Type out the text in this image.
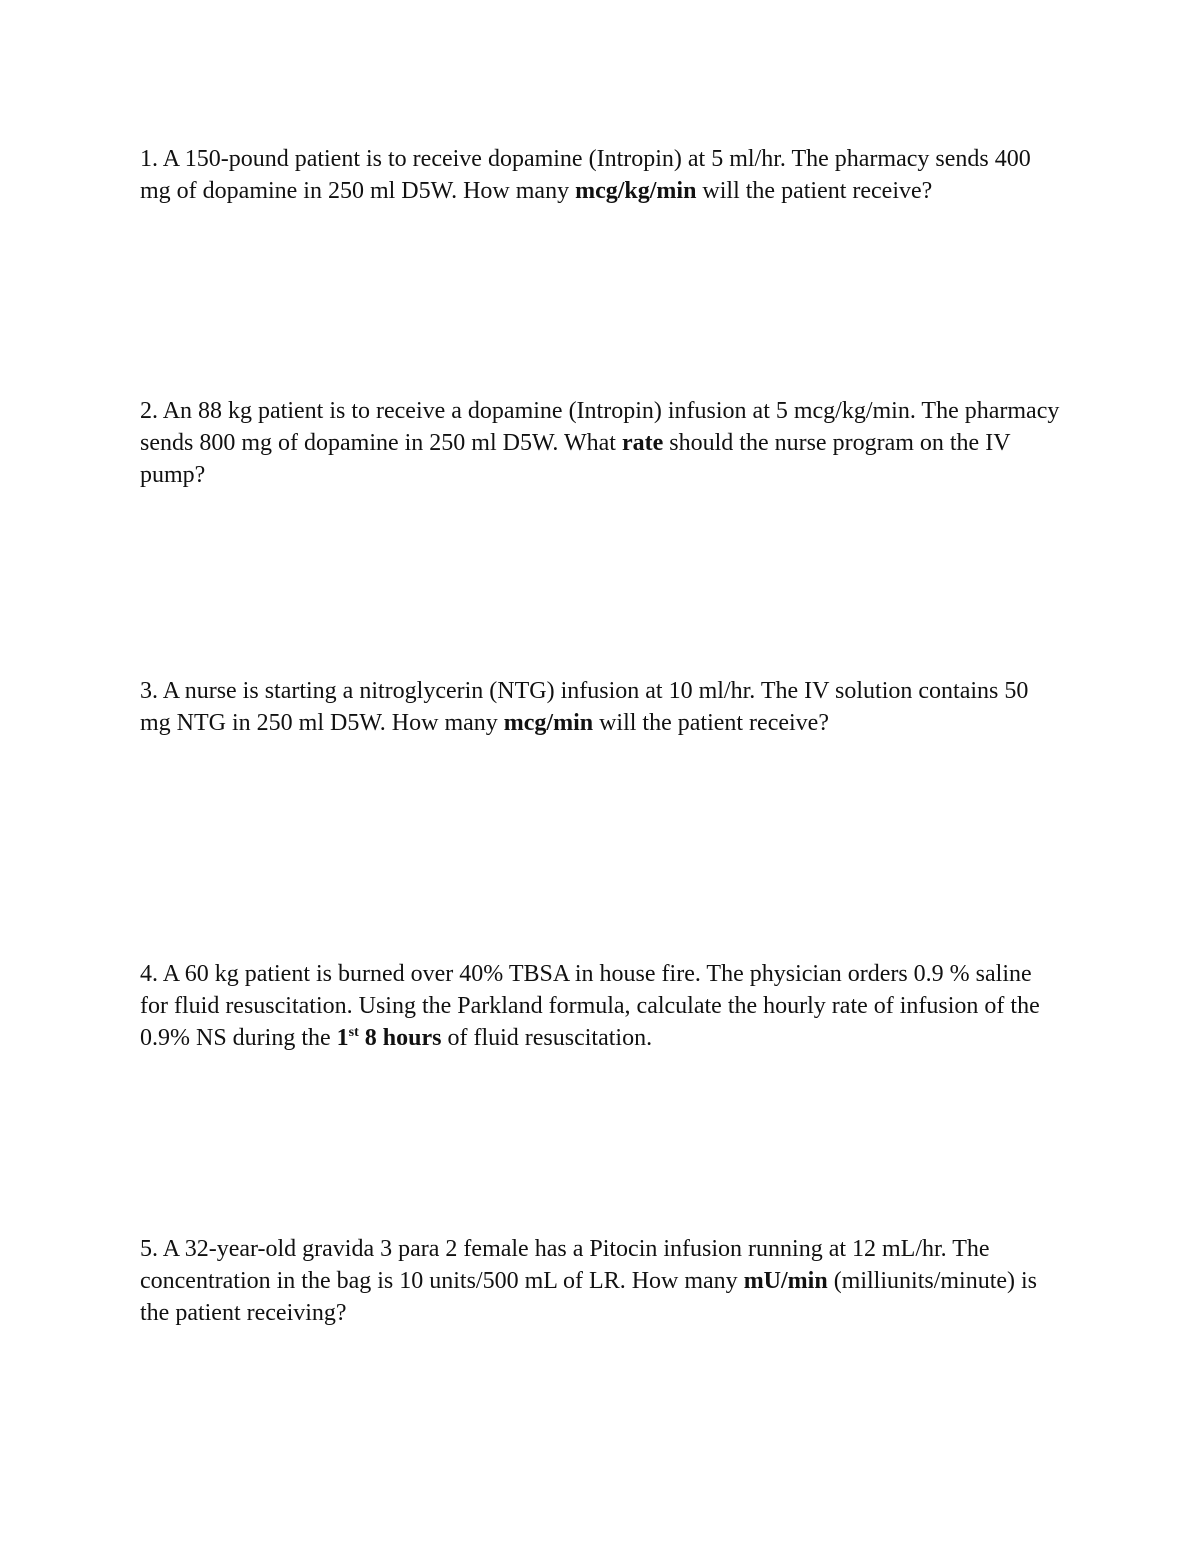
1. A 150-pound patient is to receive dopamine (Intropin) at 5 ml/hr. The pharmacy sends 400 mg of dopamine in 250 ml D5W. How many mcg/kg/min will the patient receive?

2. An 88 kg patient is to receive a dopamine (Intropin) infusion at 5 mcg/kg/min. The pharmacy sends 800 mg of dopamine in 250 ml D5W. What rate should the nurse program on the IV pump?

3. A nurse is starting a nitroglycerin (NTG) infusion at 10 ml/hr. The IV solution contains 50 mg NTG in 250 ml D5W. How many mcg/min will the patient receive?

4. A 60 kg patient is burned over 40% TBSA in house fire. The physician orders 0.9 % saline for fluid resuscitation. Using the Parkland formula, calculate the hourly rate of infusion of the 0.9% NS during the 1st 8 hours of fluid resuscitation.

5. A 32-year-old gravida 3 para 2 female has a Pitocin infusion running at 12 mL/hr. The concentration in the bag is 10 units/500 mL of LR. How many mU/min (milliunits/minute) is the patient receiving?
